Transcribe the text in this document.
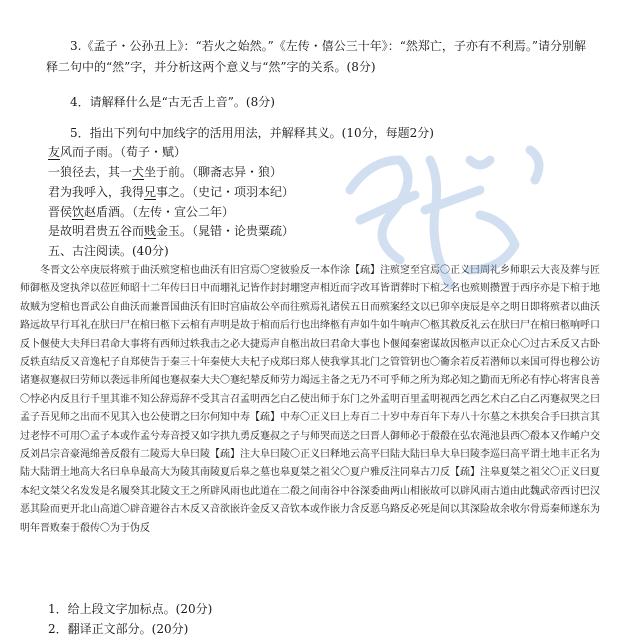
3.《孟子・公孙丑上》：“若火之始然。”《左传・僖公三十年》：“然郑亡，子亦有不利焉。”请分别解释二句中的“然”字，并分析这两个意义与“然”字的关系。(8分)

4．请解释什么是“古无舌上音”。(8分)
5．指出下列句中加线字的活用用法，并解释其义。(10分，每题2分)
友风而子雨。（荀子・赋）
一狼径去，其一犬坐于前。（聊斋志异・狼）
君为我呼入，我得兄事之。（史记・项羽本纪）
晋侯饮赵盾酒。（左传・宣公二年）
是故明君贵五谷而贱金玉。（晁错・论贵粟疏）
五、古注阅读。(40分)

冬晋文公卒庚辰将殡于曲沃殡窆棺也曲沃有旧宫焉〇窆彼验反一本作涂【疏】注殡窆至宫焉〇正义曰周礼乡师职云大丧及葬与匠师御柩及窆执斧以莅匠师昭十二年传曰日中而堋礼记皆作封封堋窆声相近而字改耳皆谓葬时下棺之名也殡则攒置于西序亦是下棺于地故贼为窆棺也晋武公自曲沃而兼晋国曲沃有旧时宫庙故公卒而往殡焉礼诸侯五日而殡案经文以已卯卒庚辰是卒之明日即将殡者以曲沃路远故早行耳礼在肰曰尸在棺曰柩下云棺有声明是故于棺而后行也出绛柩有声如牛如牛响声〇柩其救反礼云在肰曰尸在棺曰柩响呼口反卜偃使大夫拜曰君命大事将有西师过轶我击之必大捷焉声自柩出故曰君命大事也卜偃闻秦密谋故因柩声以正众心〇过古禾反又古卧反轶直结反又音逸杞子自郑使告于秦三十年秦使大夫杞子戍郑曰郑人使我掌其北门之管管钥也〇籥余若反若潜师以来国可得也穆公访诸蹇叔蹇叔曰劳师以袭远非所闻也蹇叔秦大夫〇蹇纪辇反师劳力竭远主备之无乃不可乎师之所为郑必知之勤而无所必有悖心将害良善〇悖必内反且行千里其谁不知公辞焉辞不受其言召孟明西乞白乙使出师于东门之外孟明百里孟明视西乞西乞术白乙白乙丙蹇叔哭之曰孟子吾见师之出而不见其入也公使谓之曰尔何知中寿【疏】中寿〇正义曰上寿百二十岁中寿百年下寿八十尔墓之木拱矣合手曰拱言其过老悖不可用〇孟子本或作孟兮寿音授又如字拱九勇反蹇叔之子与师哭而送之曰晋人御师必于殽殽在弘农渑池县西〇殽本又作崤户交反刘昌宗音豪渑绵善反殽有二陵焉大阜曰陵【疏】注大阜曰陵〇正义曰释地云高平曰陆大陆曰阜大阜曰陵李巡曰高平谓土地丰正名为陆大陆谓土地高大名曰阜阜最高大为陵其南陵夏后皋之墓也皋夏桀之祖父〇夏户雅反注同皋古刀反【疏】注皋夏桀之祖父〇正义曰夏本纪文桀父名发发是名履癸其北陵文王之所辟风雨也此道在二殽之间南谷中谷深委曲两山相嵌故可以辟风雨古道由此魏武帝西讨巴汉恶其险而更开北山高道〇辟音避谷古木反又音欲嵌许金反又音钦本或作嵌力含反恶乌路反必死是间以其深险故余收尔骨焉秦师遂东为明年晋败秦于殽传〇为于伪反

1．给上段文字加标点。(20分)
2．翻译正文部分。(20分)
